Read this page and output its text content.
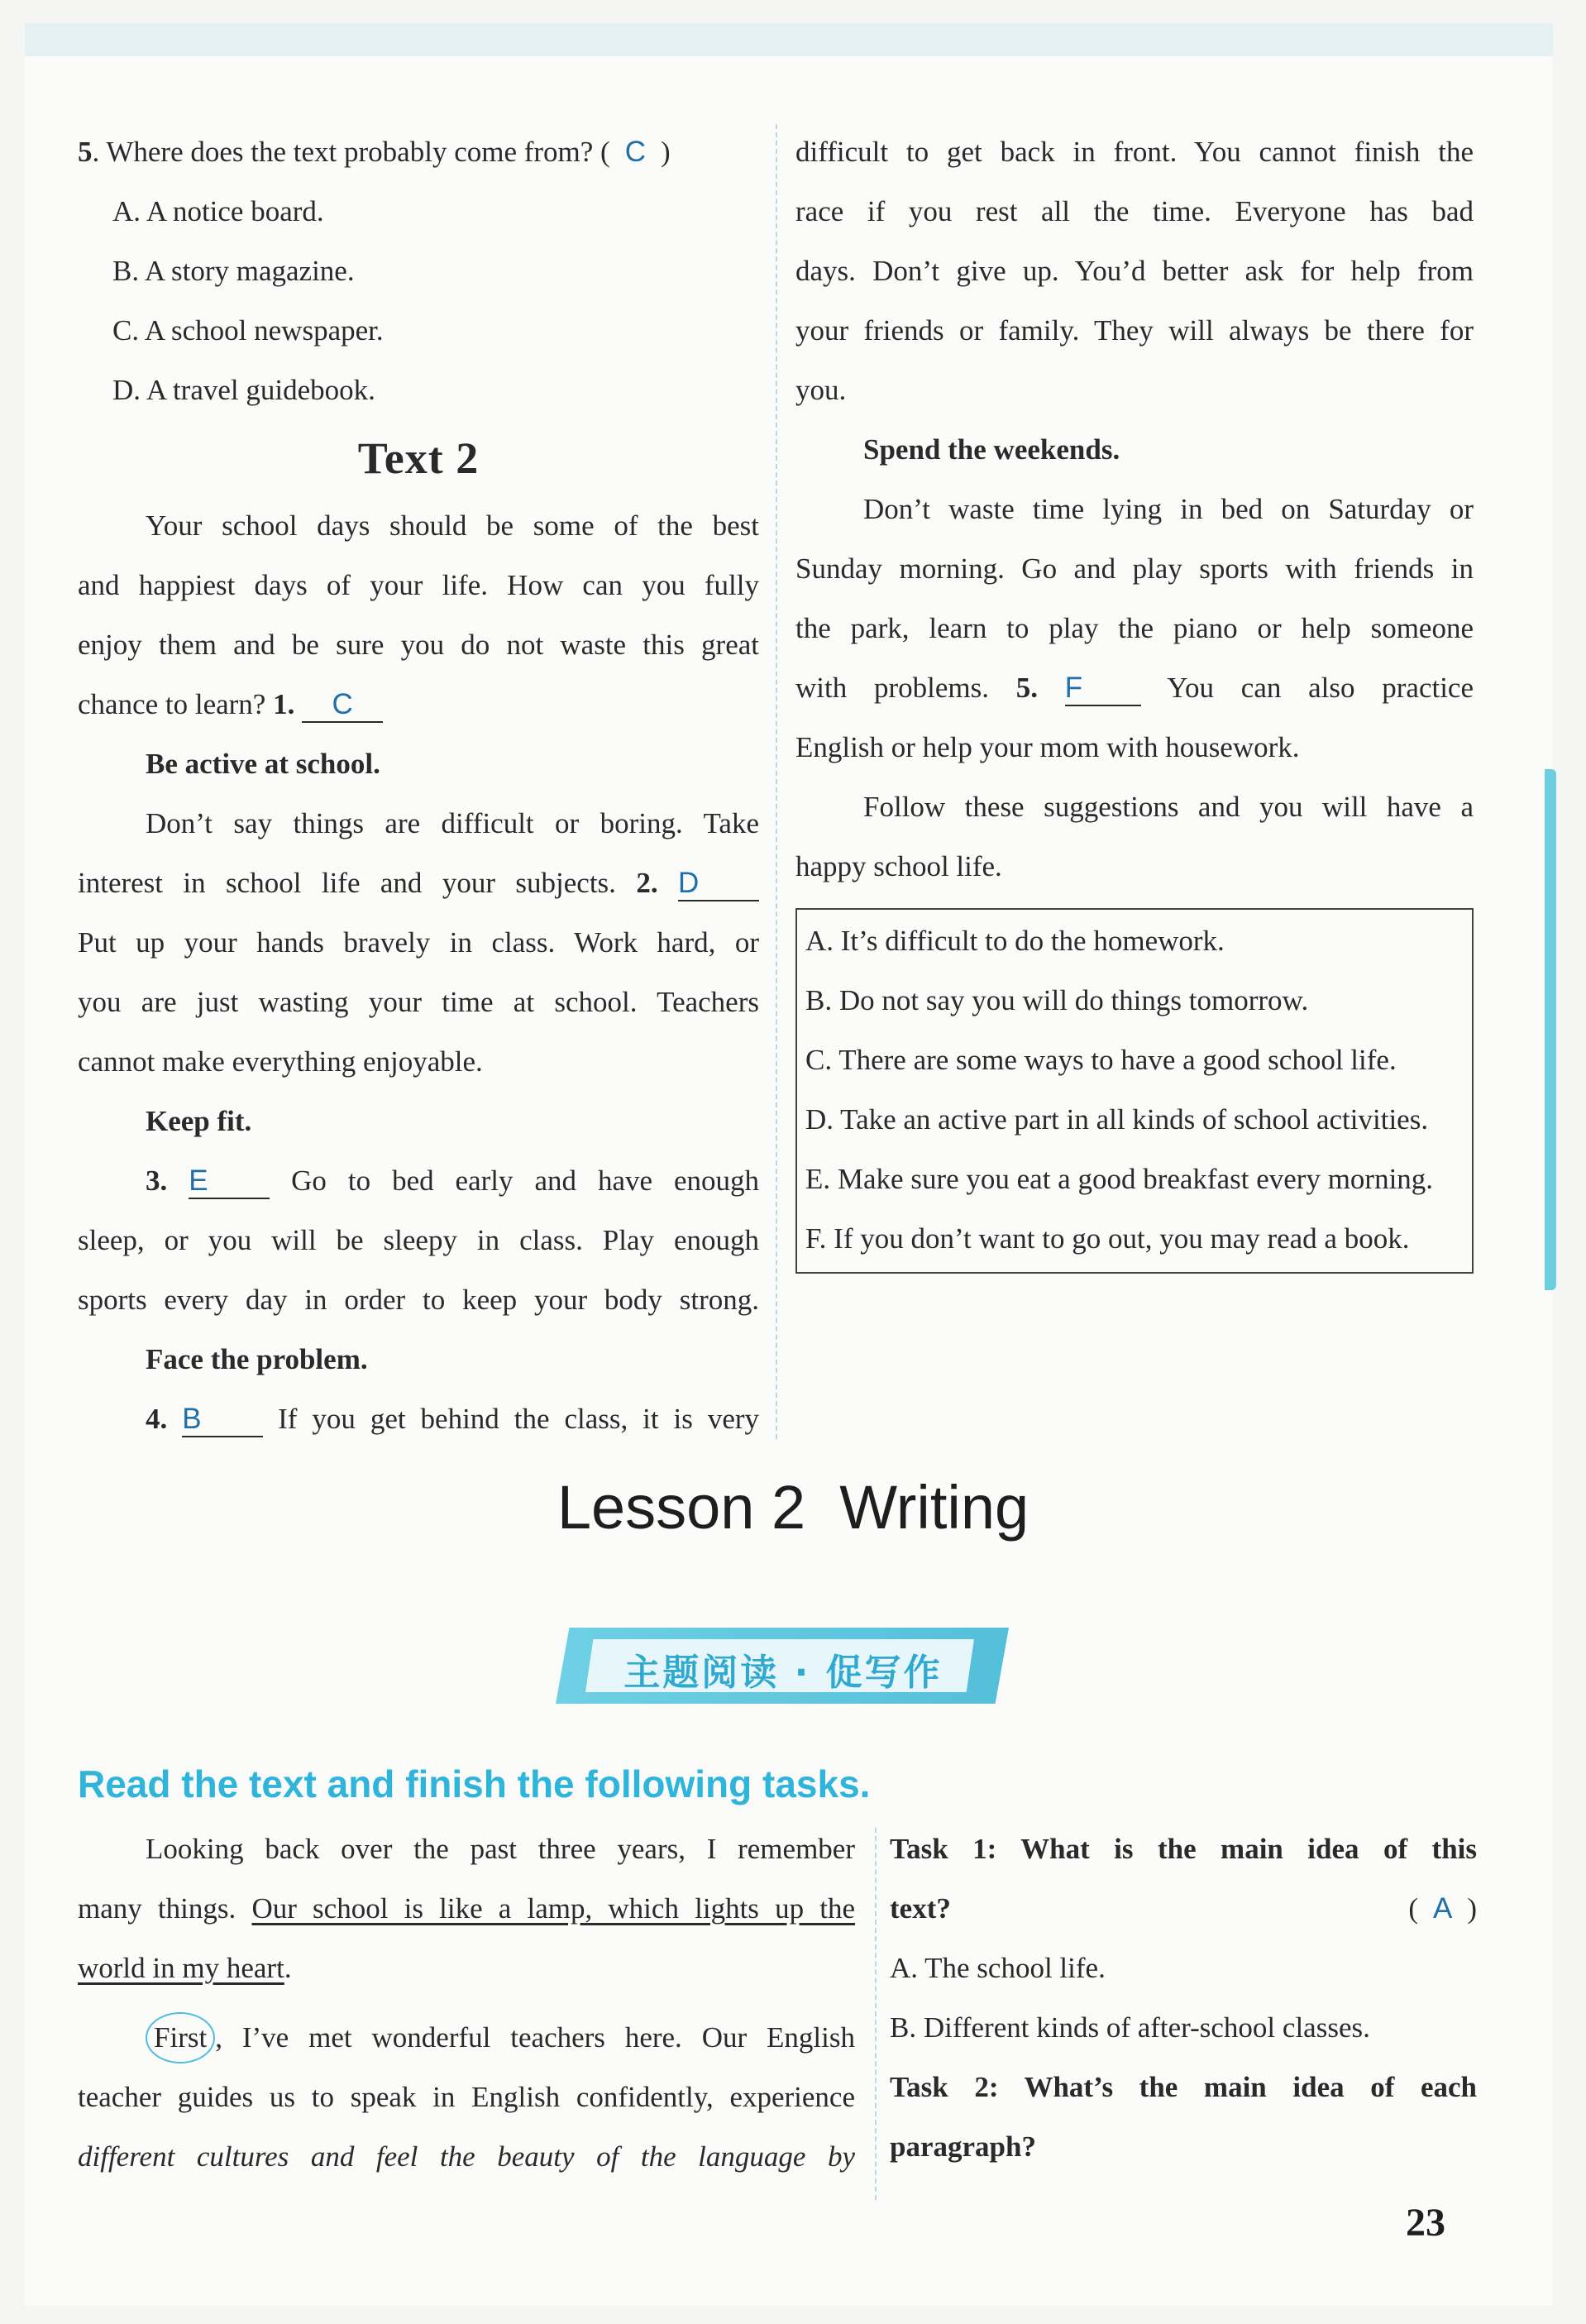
5. Where does the text probably come from? ( C )

A. A notice board.

B. A story magazine.

C. A school newspaper.

D. A travel guidebook.

Text 2

Your school days should be some of the best

and happiest days of your life. How can you fully

enjoy them and be sure you do not waste this great

chance to learn? 1. C

Be active at school.

Don’t say things are difficult or boring. Take

interest in school life and your subjects. 2. D

Put up your hands bravely in class. Work hard, or

you are just wasting your time at school. Teachers

cannot make everything enjoyable.

Keep fit.

3. E	Go to bed early and have enough

sleep, or you will be sleepy in class. Play enough

sports every day in order to keep your body strong.

Face the problem.

4. B	If you get behind the class, it is very

difficult to get back in front. You cannot finish the

race if you rest all the time. Everyone has bad

days. Don’t give up. You’d better ask for help from

your friends or family. They will always be there for

you.

Spend the weekends.

Don’t waste time lying in bed on Saturday or

Sunday morning. Go and play sports with friends in

the park, learn to play the piano or help someone

with problems. 5. F	You can also practice

English or help your mom with housework.

Follow these suggestions and you will have a

happy school life.

A. It’s difficult to do the homework.

B. Do not say you will do things tomorrow.

C. There are some ways to have a good school life.

D. Take an active part in all kinds of school activities.

E. Make sure you eat a good breakfast every morning.

F. If you don’t want to go out, you may read a book.

Lesson 2  Writing
主题阅读 · 促写作
Read the text and finish the following tasks.

Looking back over the past three years, I remember

many things. Our school is like a lamp, which lights up the

world in my heart.

First , I’ve met wonderful teachers here. Our English

teacher guides us to speak in English confidently, experience

different cultures and feel the beauty of the language by

Task 1: What is the main idea of this

text?	( A )

A. The school life.

B. Different kinds of after-school classes.

Task 2: What’s the main idea of each

paragraph?

23
